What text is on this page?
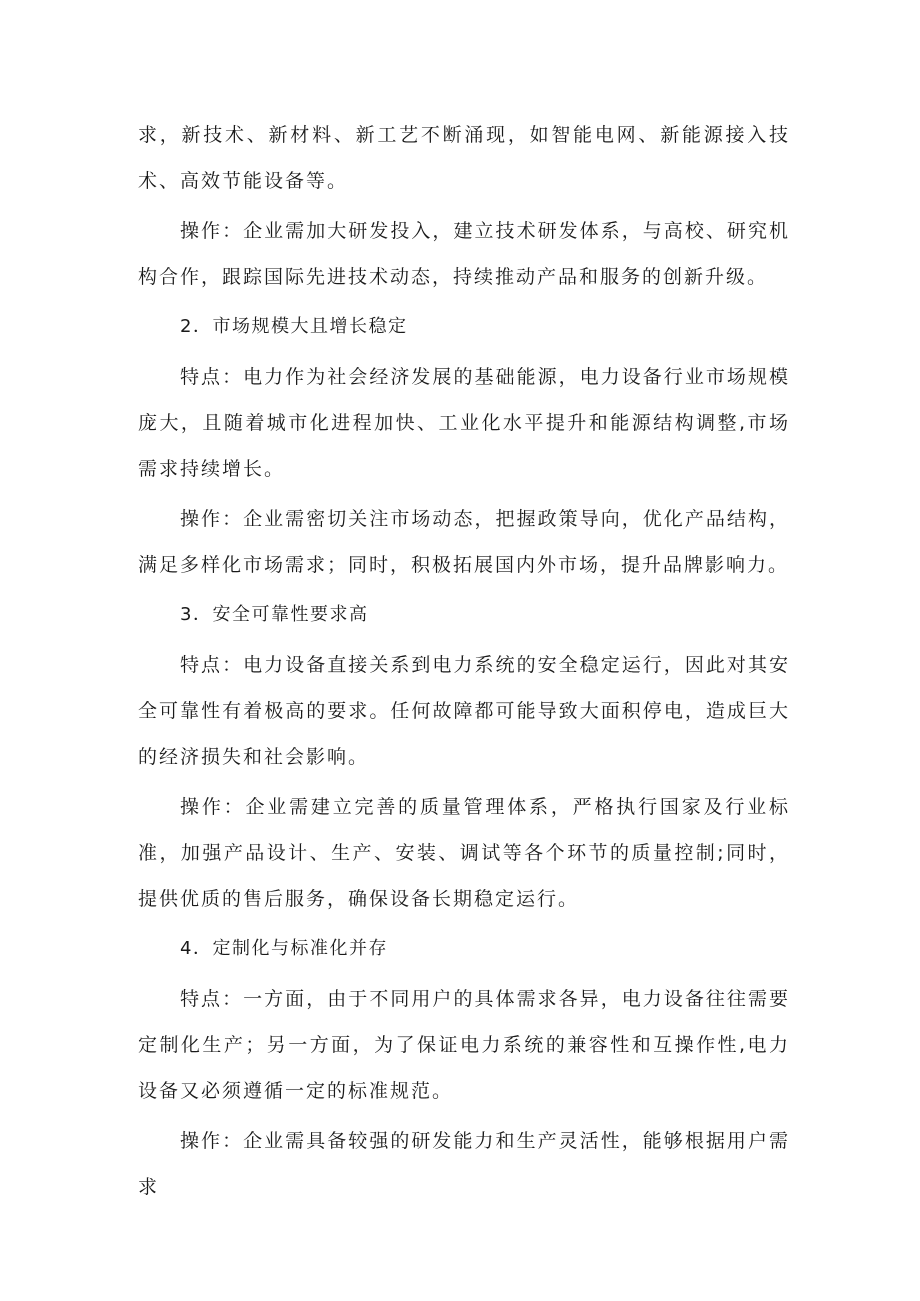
求，新技术、新材料、新工艺不断涌现，如智能电网、新能源接入技术、高效节能设备等。

操作：企业需加大研发投入，建立技术研发体系，与高校、研究机构合作，跟踪国际先进技术动态，持续推动产品和服务的创新升级。

2．市场规模大且增长稳定

特点：电力作为社会经济发展的基础能源，电力设备行业市场规模庞大，且随着城市化进程加快、工业化水平提升和能源结构调整,市场需求持续增长。

操作：企业需密切关注市场动态，把握政策导向，优化产品结构，满足多样化市场需求；同时，积极拓展国内外市场，提升品牌影响力。

3．安全可靠性要求高

特点：电力设备直接关系到电力系统的安全稳定运行，因此对其安全可靠性有着极高的要求。任何故障都可能导致大面积停电，造成巨大的经济损失和社会影响。

操作：企业需建立完善的质量管理体系，严格执行国家及行业标准，加强产品设计、生产、安装、调试等各个环节的质量控制;同时，提供优质的售后服务，确保设备长期稳定运行。

4．定制化与标准化并存

特点：一方面，由于不同用户的具体需求各异，电力设备往往需要定制化生产；另一方面，为了保证电力系统的兼容性和互操作性,电力设备又必须遵循一定的标准规范。

操作：企业需具备较强的研发能力和生产灵活性，能够根据用户需求
